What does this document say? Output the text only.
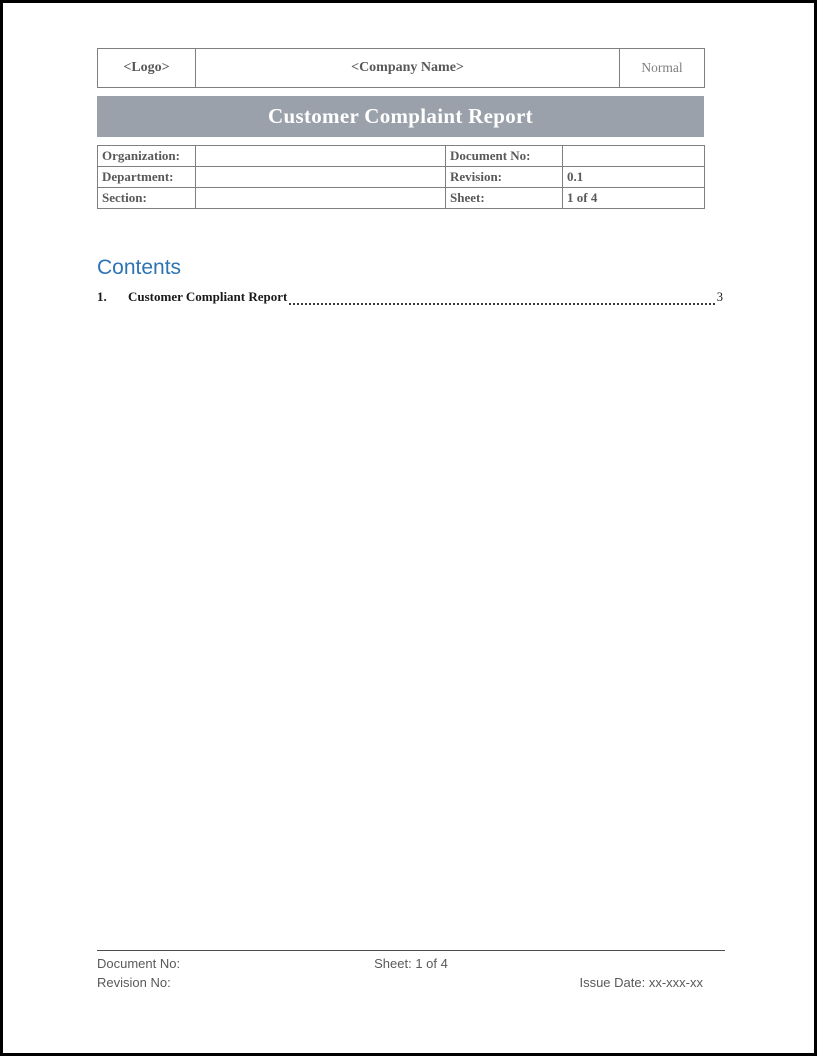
<Logo>	<Company Name>	Normal
Customer Complaint Report
Organization:		Document No:	
Department:		Revision:	0.1
Section:		Sheet:	1 of 4
Contents
1.	Customer Compliant Report	3
Document No:	Sheet: 1 of 4
Revision No:	Issue Date: xx-xxx-xx
